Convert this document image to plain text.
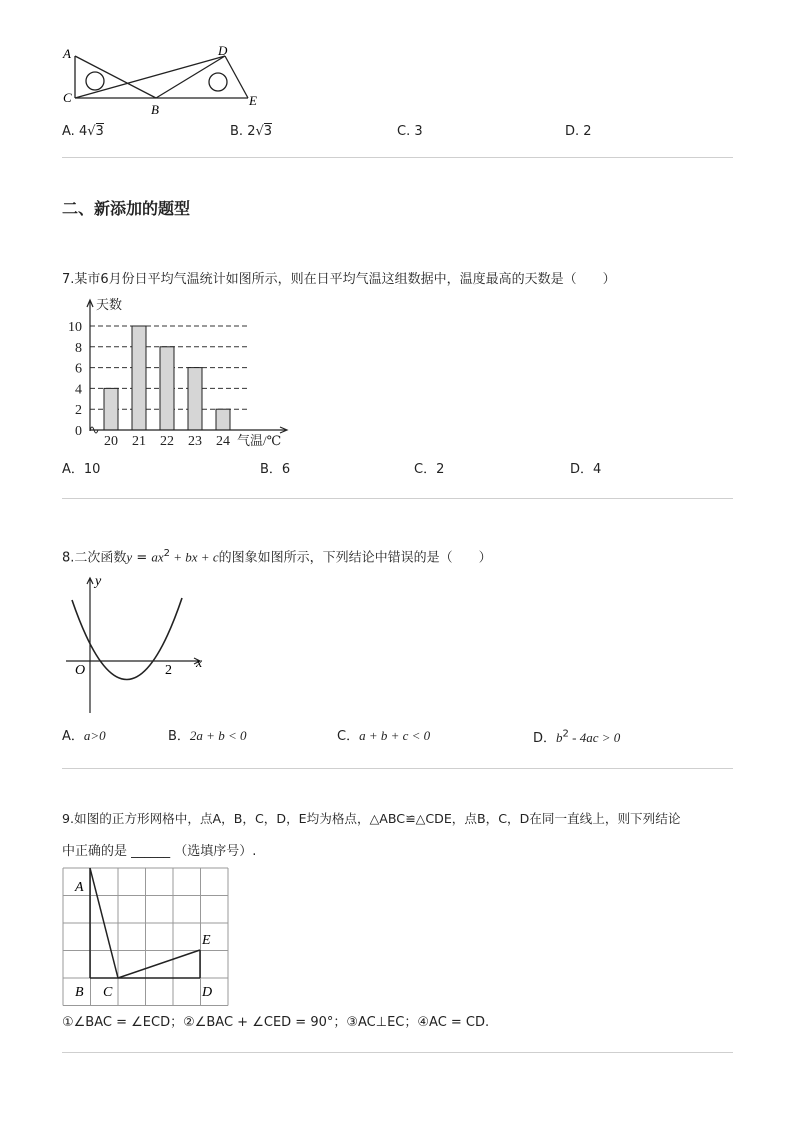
A
C
B
D
E
A. 4√3	B. 2√3	C. 3	D. 2
二、新添加的题型
7.某市6月份日平均气温统计如图所示，则在日平均气温这组数据中，温度最高的天数是（　　）
0
2
4
6
8
10
20 21 22 23 24
天数
气温/℃
A．10	B．6	C．2	D．4
8.二次函数$y = ax^2$ + bx + c的图象如图所示，下列结论中错误的是（　　）
y
x
O	2
A．a>0	B．2a + b < 0	C．a + b + c < 0	D．$b^2 - 4ac > 0$
9.如图的正方形网格中，点A，B，C，D，E均为格点，△ABC≌△CDE，点B，C，D在同一直线上，则下列结论
中正确的是 ______ （选填序号）.
A
B C	D
E
①∠BAC = ∠ECD；②∠BAC + ∠CED = 90°；③AC⊥EC；④AC = CD.
